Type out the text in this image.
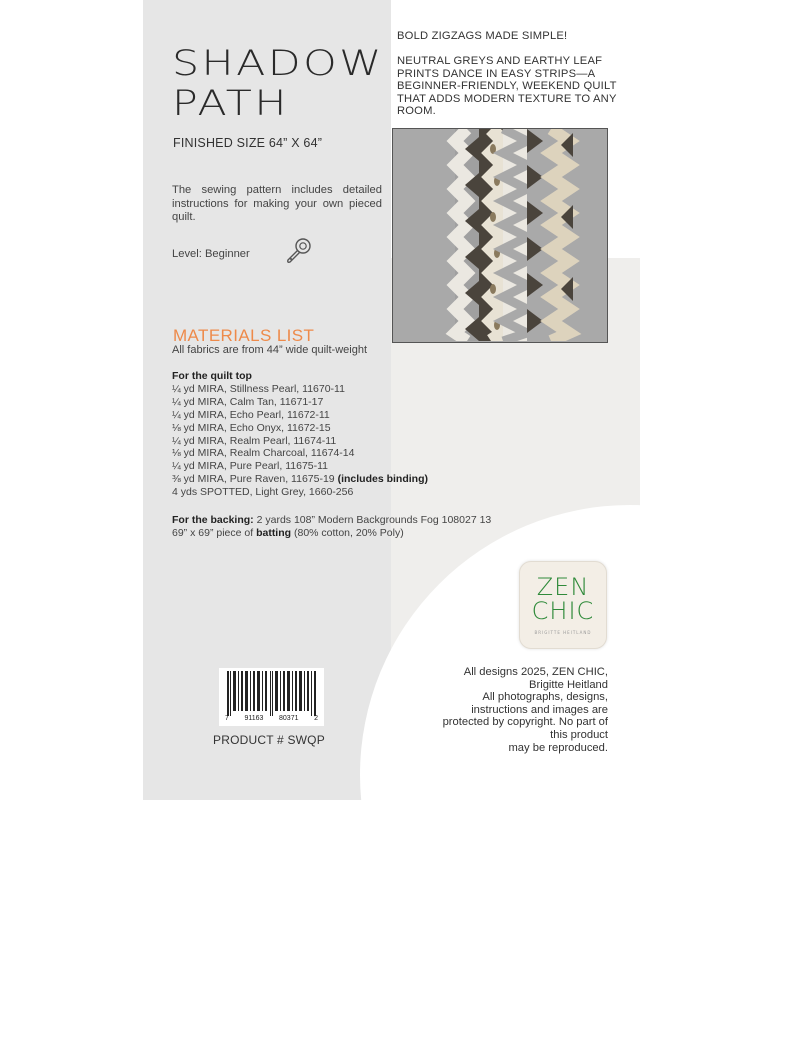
SHADOW
PATH
FINISHED SIZE 64” X 64”
The sewing pattern includes detailed instructions for making your own pieced quilt.
Level: Beginner
BOLD ZIGZAGS MADE SIMPLE!
NEUTRAL GREYS AND EARTHY LEAF PRINTS DANCE IN EASY STRIPS—A BEGINNER-FRIENDLY, WEEKEND QUILT THAT ADDS MODERN TEXTURE TO ANY ROOM.
MATERIALS LIST
All fabrics are from 44” wide quilt-weight
For the quilt top
¼ yd MIRA, Stillness Pearl, 11670-11
¼ yd MIRA, Calm Tan, 11671-17
¼ yd MIRA, Echo Pearl, 11672-11
⅛ yd MIRA, Echo Onyx, 11672-15
¼ yd MIRA, Realm Pearl, 11674-11
⅛ yd MIRA, Realm Charcoal, 11674-14
¼ yd MIRA, Pure Pearl, 11675-11
⅜ yd MIRA, Pure Raven, 11675-19 (includes binding)
4 yds SPOTTED, Light Grey, 1660-256
For the backing: 2 yards 108” Modern Backgrounds Fog 108027 13
69” x 69” piece of batting (80% cotton, 20% Poly)
ZEN
CHIC
BRIGITTE HEITLAND
All designs 2025, ZEN CHIC,
Brigitte Heitland
All photographs, designs,
instructions and images are
protected by copyright. No part of
this product
may be reproduced.
7 91163 80371 2
PRODUCT # SWQP
